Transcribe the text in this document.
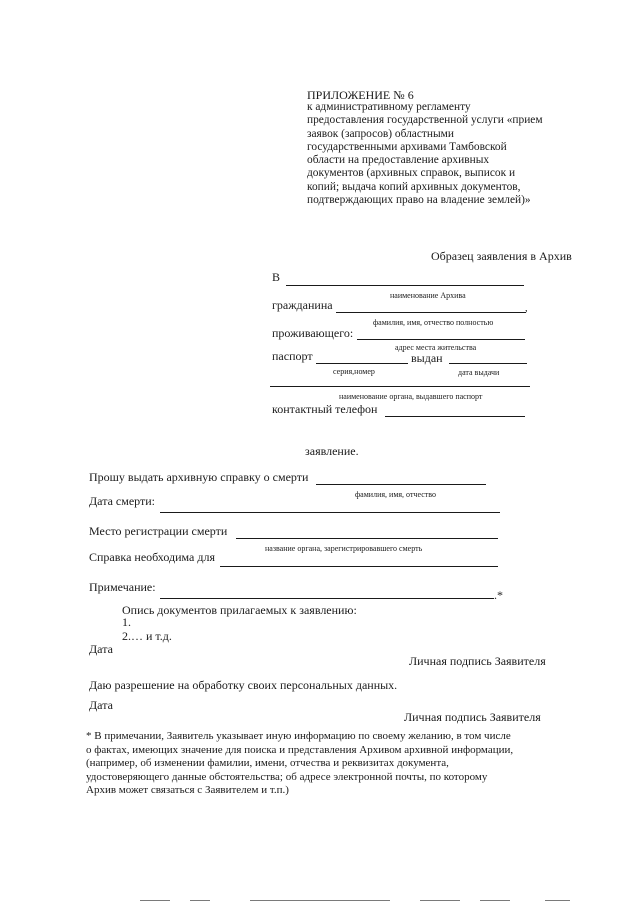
ПРИЛОЖЕНИЕ № 6
к административному регламенту
предоставления государственной услуги «прием
заявок (запросов) областными
государственными архивами Тамбовской
области на предоставление архивных
документов (архивных справок, выписок и
копий; выдача копий архивных документов,
подтверждающих право на владение землей)»
Образец заявления в Архив
В
наименование Архива
гражданина	,
фамилия, имя, отчество полностью
проживающего:
адрес места жительства
паспорт	выдан
серия,номер	дата выдачи
наименование органа, выдавшего паспорт
контактный телефон
заявление.
Прошу выдать архивную справку о смерти
фамилия, имя, отчество
Дата смерти:
Место регистрации смерти
название органа, зарегистрировавшего смерть
Справка необходима для
Примечание:
.*
Опись документов прилагаемых к заявлению:
1.
2.… и т.д.
Дата
Личная подпись Заявителя
Даю разрешение на обработку своих персональных данных.
Дата
Личная подпись Заявителя
* В примечании, Заявитель указывает иную информацию по своему желанию, в том числе
о фактах, имеющих значение для поиска и представления Архивом архивной информации,
(например, об изменении фамилии, имени, отчества и реквизитах документа,
удостоверяющего данные обстоятельства; об адресе электронной почты, по которому
Архив может связаться с Заявителем и т.п.)
